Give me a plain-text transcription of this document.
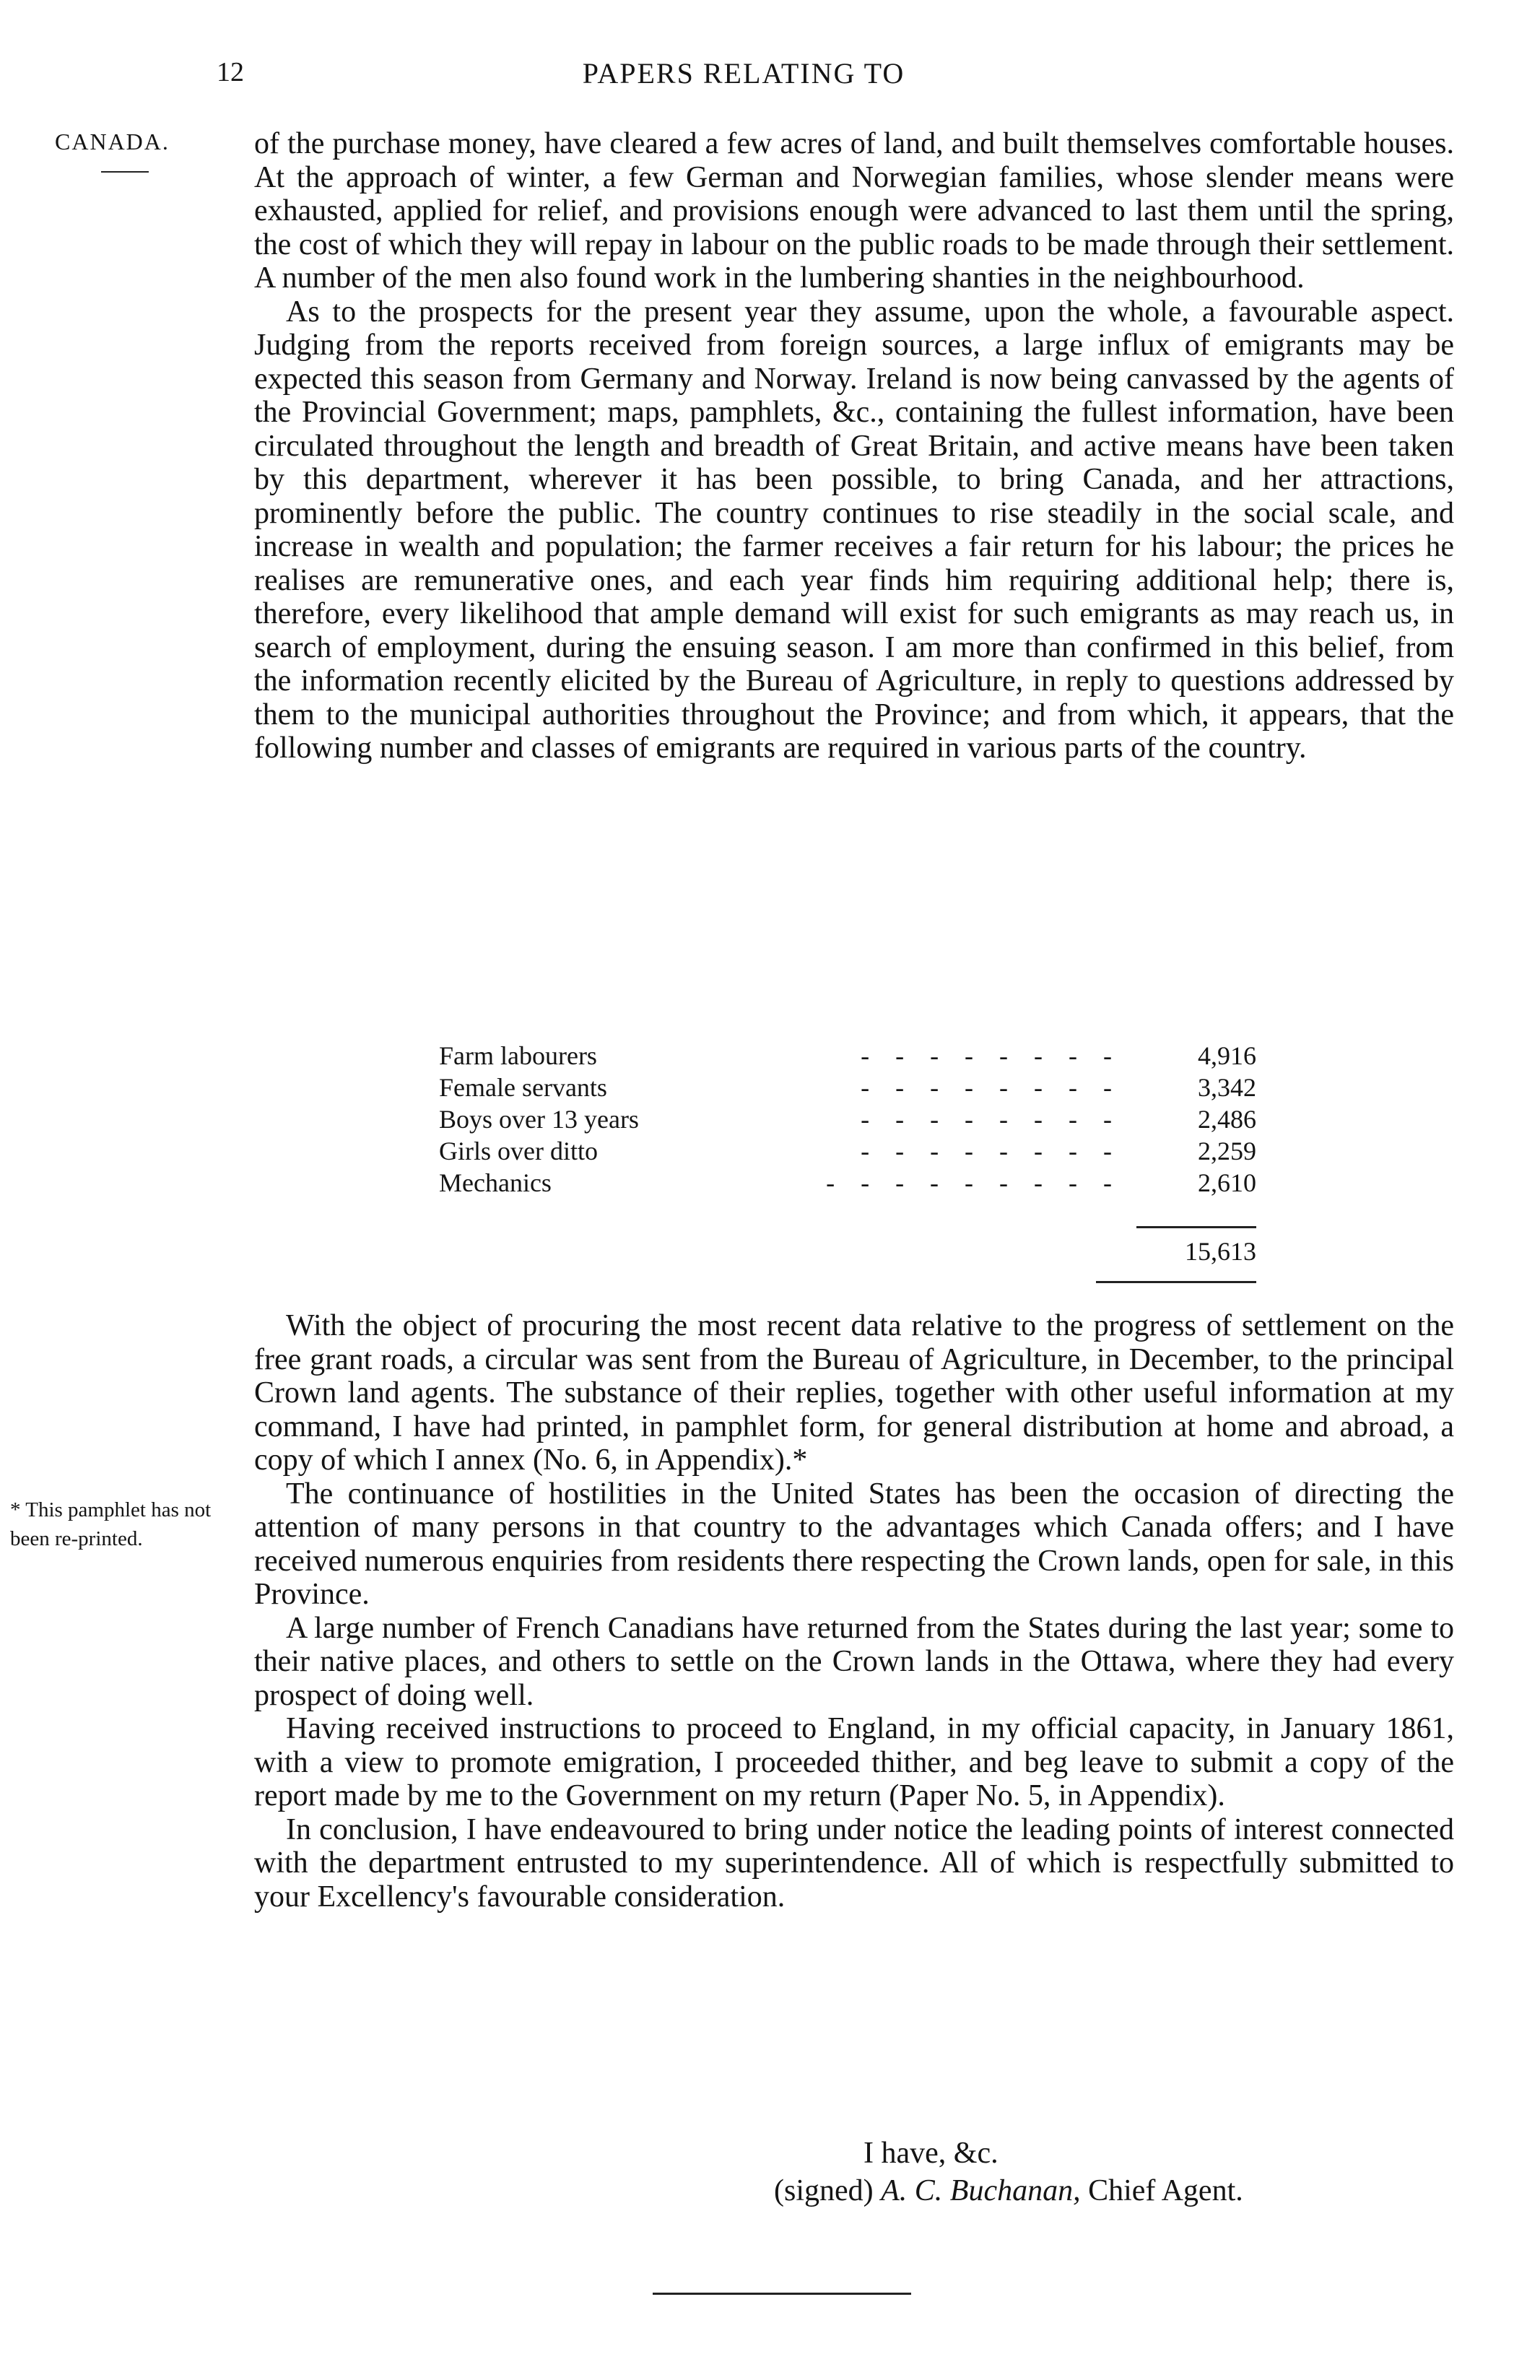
12	PAPERS RELATING TO
CANADA.
* This pamphlet has not been re-printed.

of the purchase money, have cleared a few acres of land, and built themselves comfortable houses. At the approach of winter, a few German and Norwegian families, whose slender means were exhausted, applied for relief, and provisions enough were advanced to last them until the spring, the cost of which they will repay in labour on the public roads to be made through their settlement. A number of the men also found work in the lumbering shanties in the neighbourhood.

As to the prospects for the present year they assume, upon the whole, a favourable aspect. Judging from the reports received from foreign sources, a large influx of emigrants may be expected this season from Germany and Norway. Ireland is now being canvassed by the agents of the Provincial Government; maps, pamphlets, &c., containing the fullest information, have been circulated throughout the length and breadth of Great Britain, and active means have been taken by this department, wherever it has been possible, to bring Canada, and her attractions, prominently before the public. The country continues to rise steadily in the social scale, and increase in wealth and population; the farmer receives a fair return for his labour; the prices he realises are remunerative ones, and each year finds him requiring additional help; there is, therefore, every likelihood that ample demand will exist for such emigrants as may reach us, in search of employment, during the ensuing season. I am more than confirmed in this belief, from the information recently elicited by the Bureau of Agriculture, in reply to questions addressed by them to the municipal authorities throughout the Province; and from which, it appears, that the following number and classes of emigrants are required in various parts of the country.

Farm labourers	-------- 4,916
Female servants	-------- 3,342
Boys over 13 years	-------- 2,486
Girls over ditto	-------- 2,259
Mechanics	--------- 2,610
15,613

With the object of procuring the most recent data relative to the progress of settlement on the free grant roads, a circular was sent from the Bureau of Agriculture, in December, to the principal Crown land agents. The substance of their replies, together with other useful information at my command, I have had printed, in pamphlet form, for general distribution at home and abroad, a copy of which I annex (No. 6, in Appendix).*

The continuance of hostilities in the United States has been the occasion of directing the attention of many persons in that country to the advantages which Canada offers; and I have received numerous enquiries from residents there respecting the Crown lands, open for sale, in this Province.

A large number of French Canadians have returned from the States during the last year; some to their native places, and others to settle on the Crown lands in the Ottawa, where they had every prospect of doing well.

Having received instructions to proceed to England, in my official capacity, in January 1861, with a view to promote emigration, I proceeded thither, and beg leave to submit a copy of the report made by me to the Government on my return (Paper No. 5, in Appendix).

In conclusion, I have endeavoured to bring under notice the leading points of interest connected with the department entrusted to my superintendence. All of which is respectfully submitted to your Excellency's favourable consideration.

I have, &c.
(signed) A. C. Buchanan, Chief Agent.
